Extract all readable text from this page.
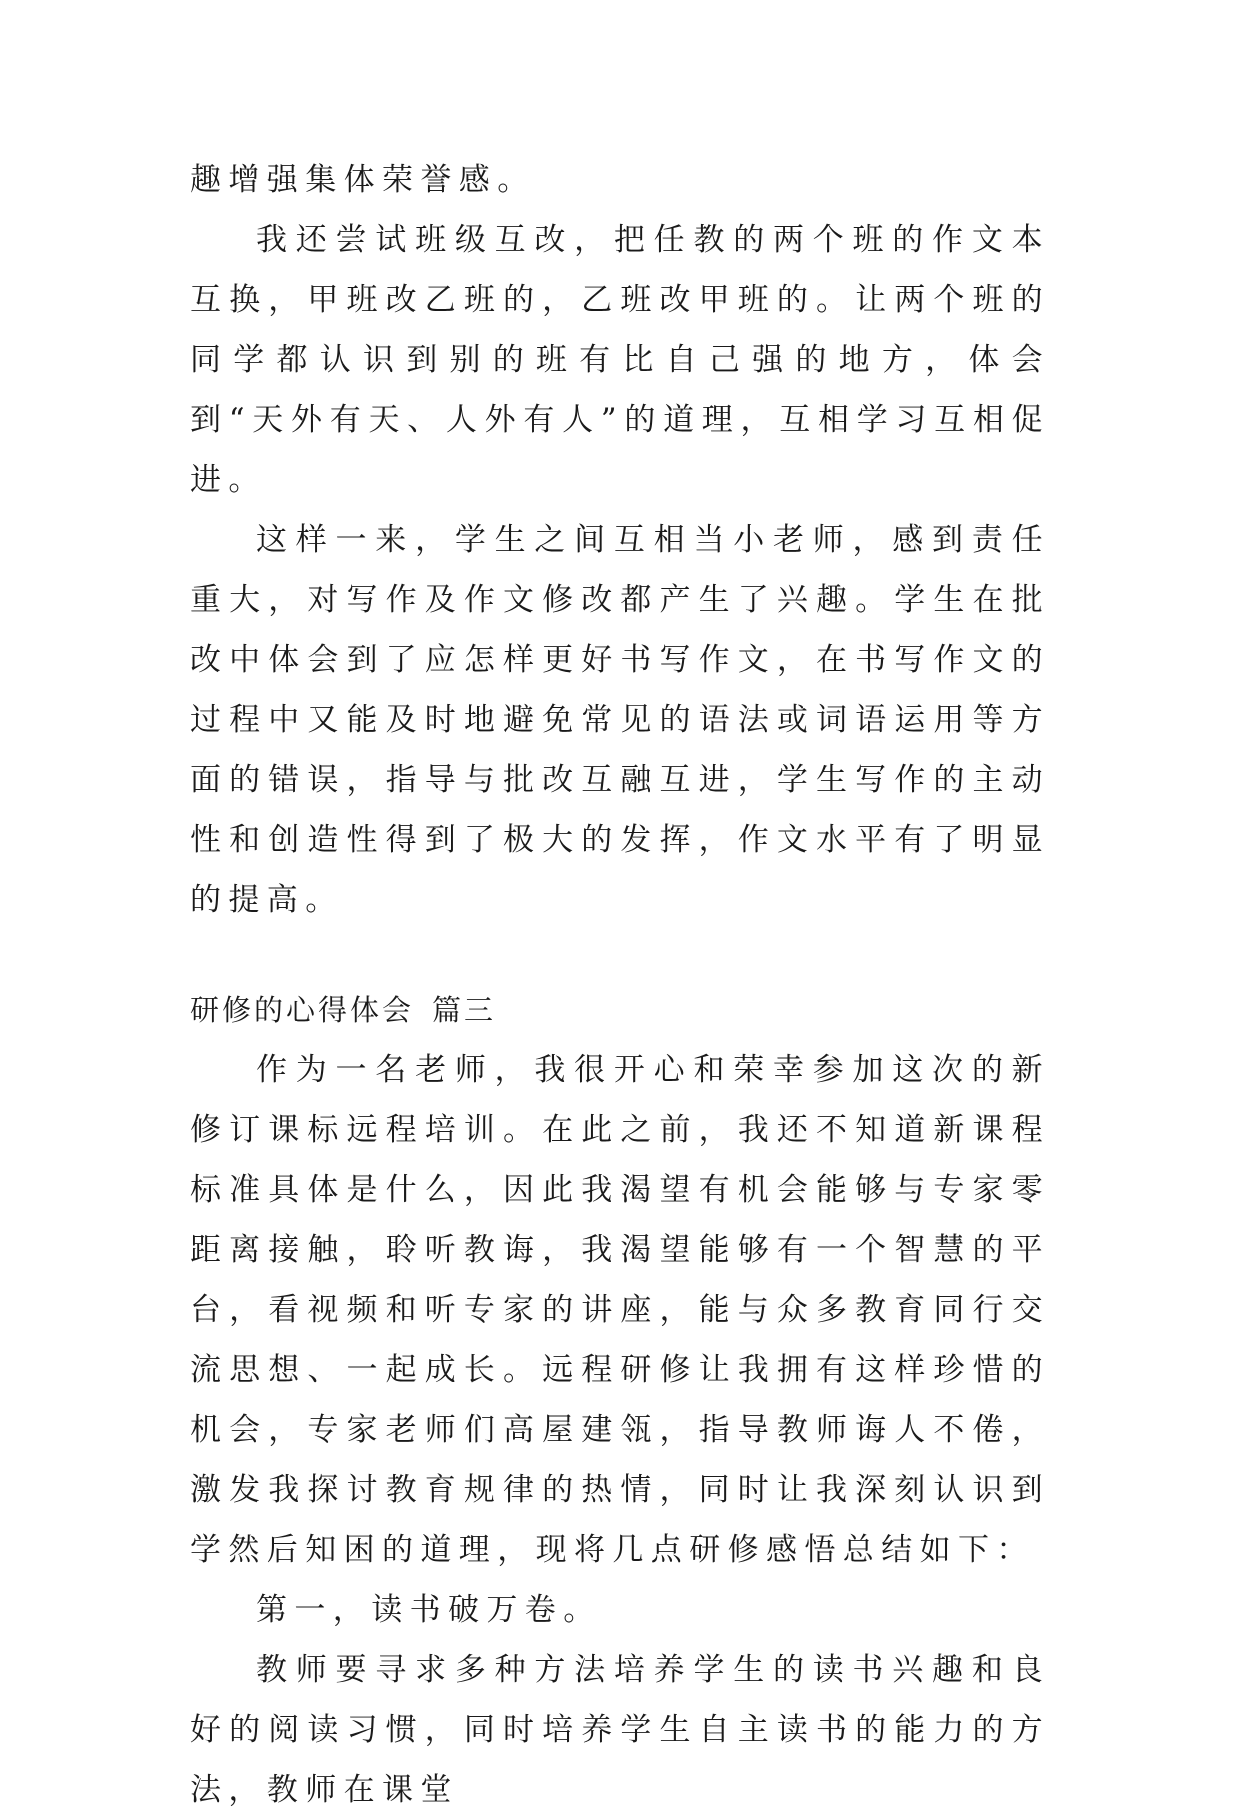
趣增强集体荣誉感。

我还尝试班级互改，把任教的两个班的作文本互换，甲班改乙班的，乙班改甲班的。让两个班的同学都认识到别的班有比自己强的地方，体会到“天外有天、人外有人”的道理，互相学习互相促进。

这样一来，学生之间互相当小老师，感到责任重大，对写作及作文修改都产生了兴趣。学生在批改中体会到了应怎样更好书写作文，在书写作文的过程中又能及时地避免常见的语法或词语运用等方面的错误，指导与批改互融互进，学生写作的主动性和创造性得到了极大的发挥，作文水平有了明显的提高。

研修的心得体会 篇三

作为一名老师，我很开心和荣幸参加这次的新修订课标远程培训。在此之前，我还不知道新课程标准具体是什么，因此我渴望有机会能够与专家零距离接触，聆听教诲，我渴望能够有一个智慧的平台，看视频和听专家的讲座，能与众多教育同行交流思想、一起成长。远程研修让我拥有这样珍惜的机会，专家老师们高屋建瓴，指导教师诲人不倦，激发我探讨教育规律的热情，同时让我深刻认识到学然后知困的道理，现将几点研修感悟总结如下：

第一，读书破万卷。

教师要寻求多种方法培养学生的读书兴趣和良好的阅读习惯，同时培养学生自主读书的能力的方法，教师在课堂
